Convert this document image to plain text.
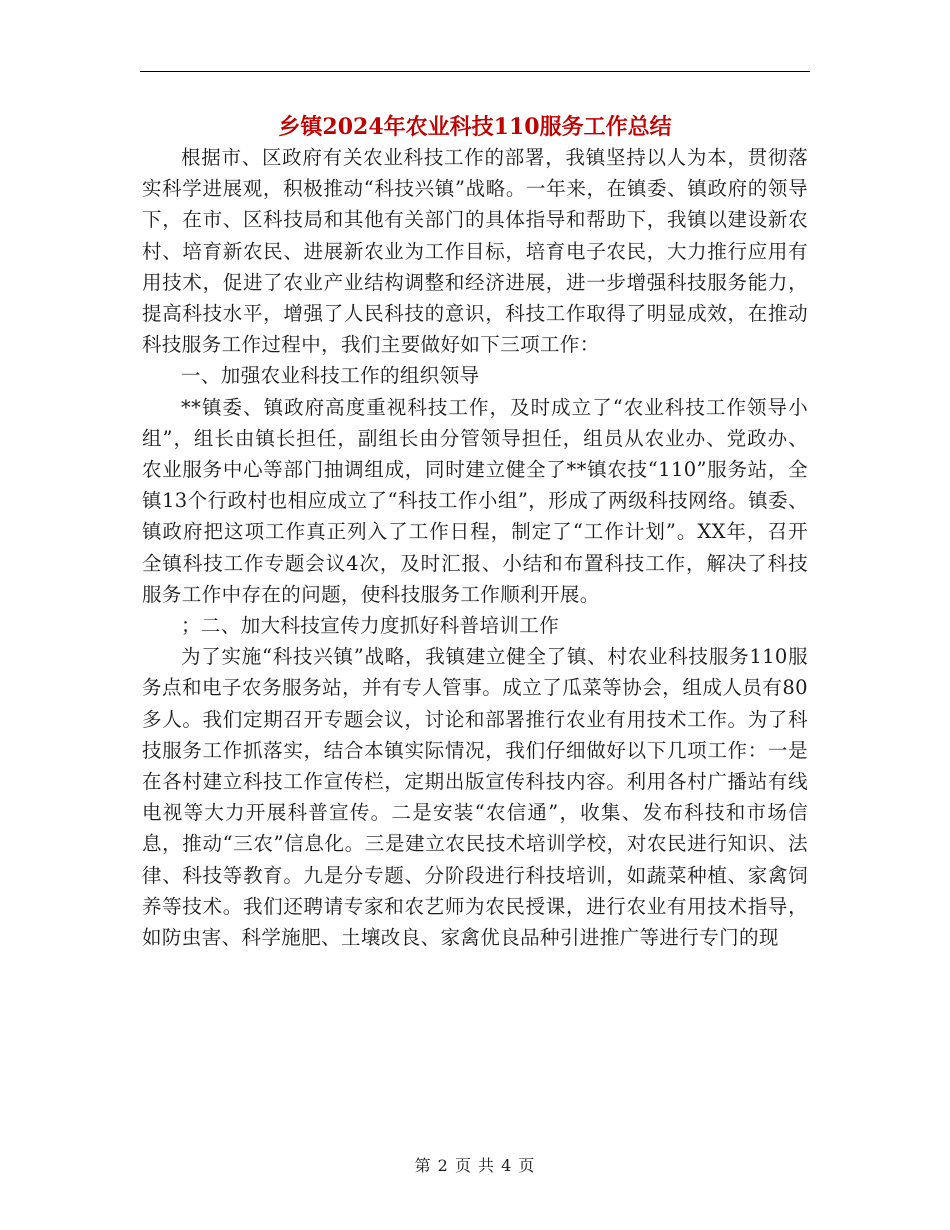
乡镇2024年农业科技110服务工作总结

根据市、区政府有关农业科技工作的部署，我镇坚持以人为本，贯彻落实科学进展观，积极推动“科技兴镇”战略。一年来，在镇委、镇政府的领导下，在市、区科技局和其他有关部门的具体指导和帮助下，我镇以建设新农村、培育新农民、进展新农业为工作目标，培育电子农民，大力推行应用有用技术，促进了农业产业结构调整和经济进展，进一步增强科技服务能力，提高科技水平，增强了人民科技的意识，科技工作取得了明显成效，在推动科技服务工作过程中，我们主要做好如下三项工作：

一、加强农业科技工作的组织领导

**镇委、镇政府高度重视科技工作，及时成立了“农业科技工作领导小组”，组长由镇长担任，副组长由分管领导担任，组员从农业办、党政办、农业服务中心等部门抽调组成，同时建立健全了**镇农技“110”服务站，全镇13个行政村也相应成立了“科技工作小组”，形成了两级科技网络。镇委、镇政府把这项工作真正列入了工作日程，制定了“工作计划”。XX年，召开全镇科技工作专题会议4次，及时汇报、小结和布置科技工作，解决了科技服务工作中存在的问题，使科技服务工作顺利开展。

；二、加大科技宣传力度抓好科普培训工作

为了实施“科技兴镇”战略，我镇建立健全了镇、村农业科技服务110服务点和电子农务服务站，并有专人管事。成立了瓜菜等协会，组成人员有80多人。我们定期召开专题会议，讨论和部署推行农业有用技术工作。为了科技服务工作抓落实，结合本镇实际情况，我们仔细做好以下几项工作：一是在各村建立科技工作宣传栏，定期出版宣传科技内容。利用各村广播站有线电视等大力开展科普宣传。二是安装“农信通”，收集、发布科技和市场信息，推动“三农”信息化。三是建立农民技术培训学校，对农民进行知识、法律、科技等教育。九是分专题、分阶段进行科技培训，如蔬菜种植、家禽饲养等技术。我们还聘请专家和农艺师为农民授课，进行农业有用技术指导，如防虫害、科学施肥、土壤改良、家禽优良品种引进推广等进行专门的现

第 2 页 共 4 页
